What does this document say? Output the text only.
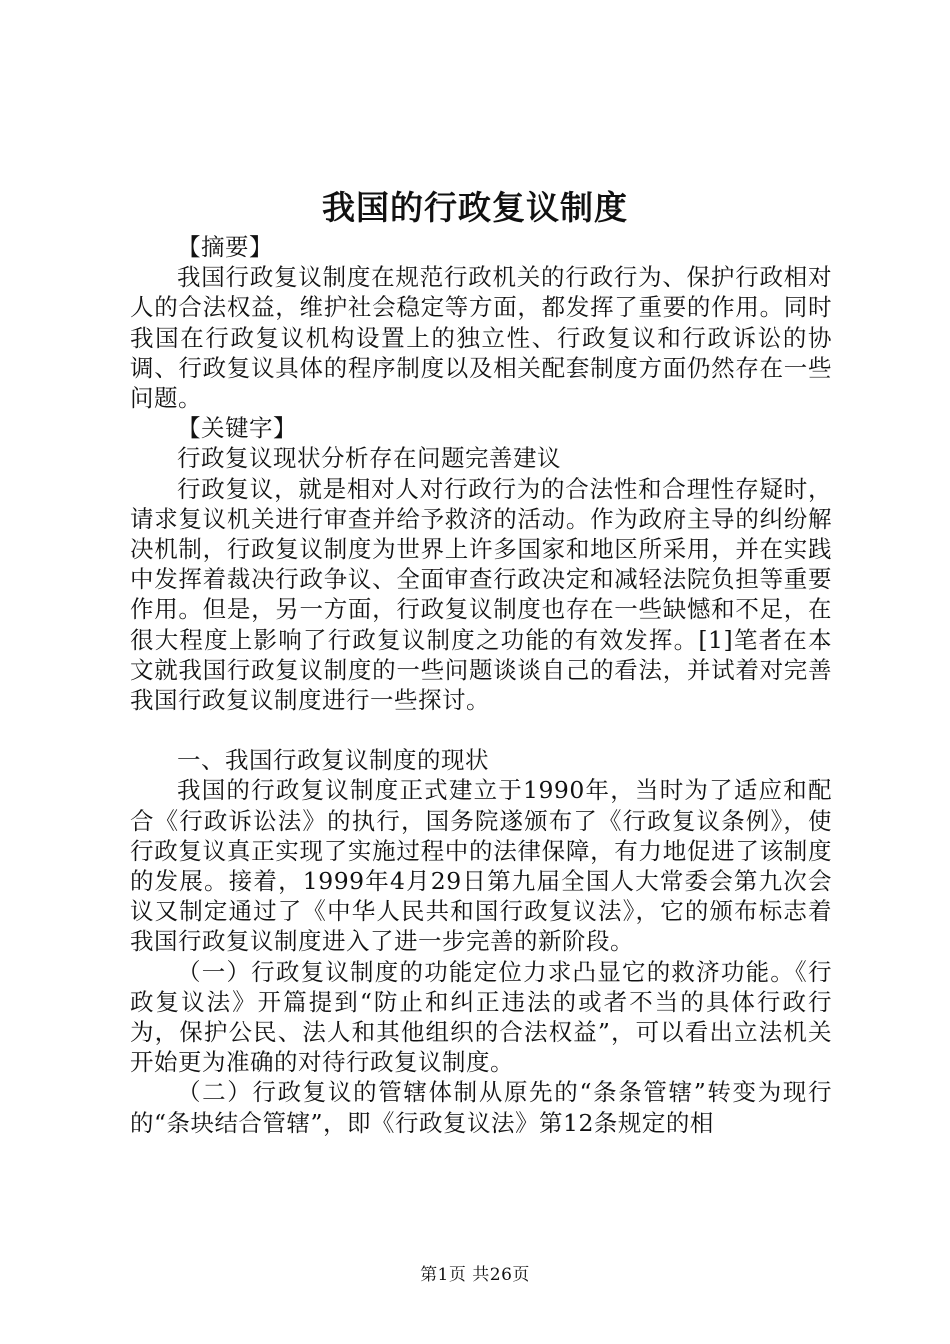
我国的行政复议制度

【摘要】

我国行政复议制度在规范行政机关的行政行为、保护行政相对人的合法权益，维护社会稳定等方面，都发挥了重要的作用。同时我国在行政复议机构设置上的独立性、行政复议和行政诉讼的协调、行政复议具体的程序制度以及相关配套制度方面仍然存在一些问题。

【关键字】

行政复议现状分析存在问题完善建议

行政复议，就是相对人对行政行为的合法性和合理性存疑时，请求复议机关进行审查并给予救济的活动。作为政府主导的纠纷解决机制，行政复议制度为世界上许多国家和地区所采用，并在实践中发挥着裁决行政争议、全面审查行政决定和减轻法院负担等重要作用。但是，另一方面，行政复议制度也存在一些缺憾和不足，在很大程度上影响了行政复议制度之功能的有效发挥。[1]笔者在本文就我国行政复议制度的一些问题谈谈自己的看法，并试着对完善我国行政复议制度进行一些探讨。

一、我国行政复议制度的现状

我国的行政复议制度正式建立于1990年，当时为了适应和配合《行政诉讼法》的执行，国务院遂颁布了《行政复议条例》，使行政复议真正实现了实施过程中的法律保障，有力地促进了该制度的发展。接着，1999年4月29日第九届全国人大常委会第九次会议又制定通过了《中华人民共和国行政复议法》，它的颁布标志着我国行政复议制度进入了进一步完善的新阶段。

（一）行政复议制度的功能定位力求凸显它的救济功能。《行政复议法》开篇提到“防止和纠正违法的或者不当的具体行政行为，保护公民、法人和其他组织的合法权益”，可以看出立法机关开始更为准确的对待行政复议制度。

（二）行政复议的管辖体制从原先的“条条管辖”转变为现行的“条块结合管辖”，即《行政复议法》第12条规定的相

第1页 共26页
